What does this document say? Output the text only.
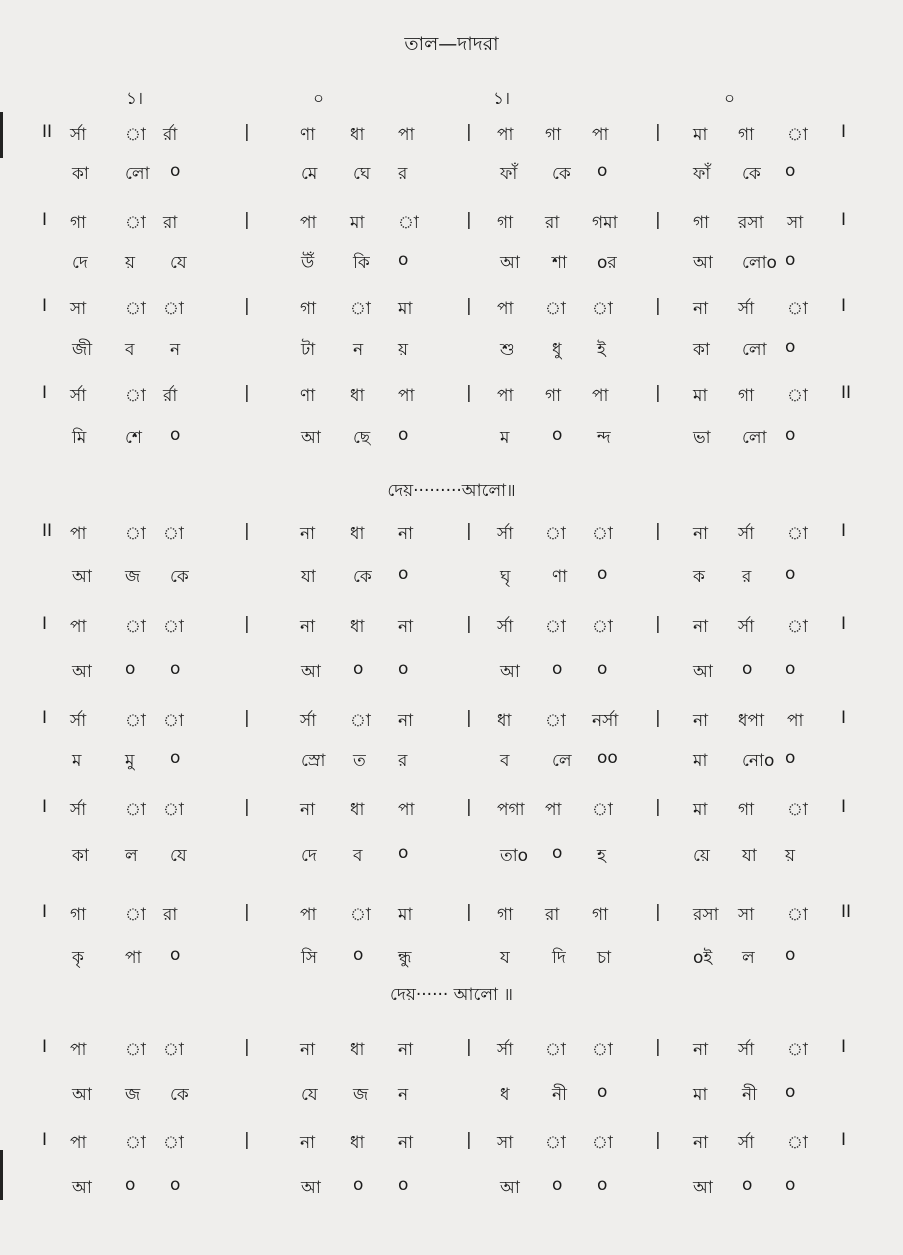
তাল—দাদরা
১।	০	১।	০
II র্সা া র্রা	|	ণা ধা পা	| পা গা পা	| মা গা া I
কা লো ο	মে ঘে র	ফাঁ কে ο	ফাঁ কে ο
I গা া রা	|	পা মা া	| গা রা গমা | গা রসা সা I
দে য় যে	উঁ কি ο	আ শা οর	আ লোο ο
I সা া া	|	গা া মা	| পা া া | না র্সা া I
জী ব ন	টা ন য়	শু ধু ই	কা লো ο
I র্সা া র্রা	|	ণা ধা পা	| পা গা পা	| মা গা া II
মি শে ο	আ ছে ο	ম	ο ন্দ	ভা লো ο
দেয়·········আলো॥
II পা া া	|	না ধা না	| র্সা া া | না র্সা া I
আ জ কে	যা কে ο	ঘৃ ণা ο	ক র ο
I পা া া	|	না ধা না	| র্সা া া | না র্সা া I
আ ο ο	আ ο ο	আ ο ο	আ ο ο
I র্সা া া	|	র্সা া না	| ধা া নর্সা | না ধপা পা I
ম	মু ο	স্রো ত র	ব	লে οο	মা নোο ο
I র্সা া া	|	না ধা পা	| পগা পা া | মা গা া I
কা ল যে	দে ব ο	তাο ο হ	য়ে যা য়
I গা া রা	|	পা া মা	| গা রা গা	| রসা সা া II
কৃ পা ο	সি ο ন্ধু	য দি চা	οই ল ο
দেয়······ আলো ॥
I পা া া	|	না ধা না	| র্সা া া | না র্সা া I
আ জ কে	যে জ ন	ধ নী ο	মা নী ο
I পা া া	|	না ধা না	| সা া া | না র্সা া I
আ ο ο	আ ο ο	আ ο ο	আ ο ο
